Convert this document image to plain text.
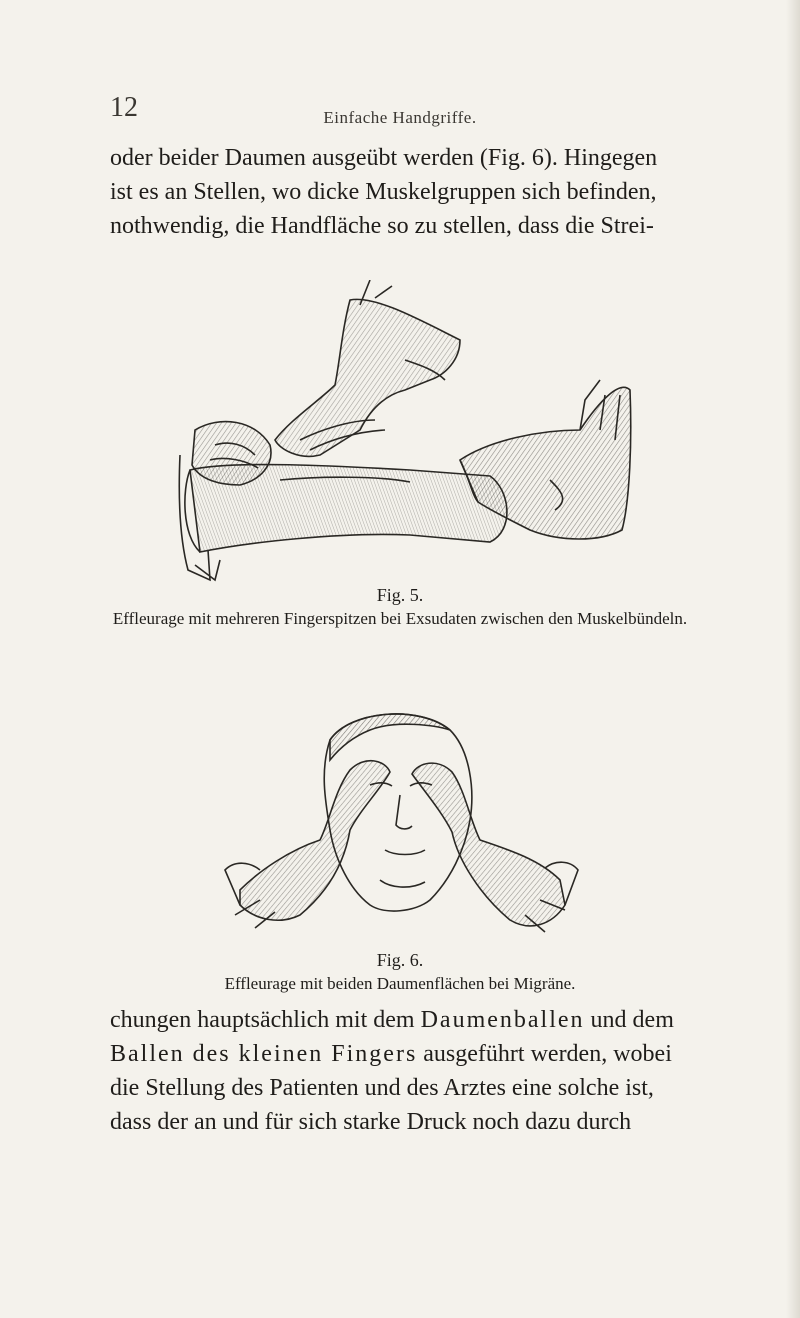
12	Einfache Handgriffe.

oder beider Daumen ausgeübt werden (Fig. 6). Hingegen
ist es an Stellen, wo dicke Muskelgruppen sich befinden,
nothwendig, die Handfläche so zu stellen, dass die Strei-

Fig. 5.

Effleurage mit mehreren Fingerspitzen bei Exsudaten zwischen den Muskelbündeln.

Fig. 6.

Effleurage mit beiden Daumenflächen bei Migräne.

chungen hauptsächlich mit dem Daumenballen und dem
Ballen des kleinen Fingers ausgeführt werden, wobei
die Stellung des Patienten und des Arztes eine solche ist,
dass der an und für sich starke Druck noch dazu durch
